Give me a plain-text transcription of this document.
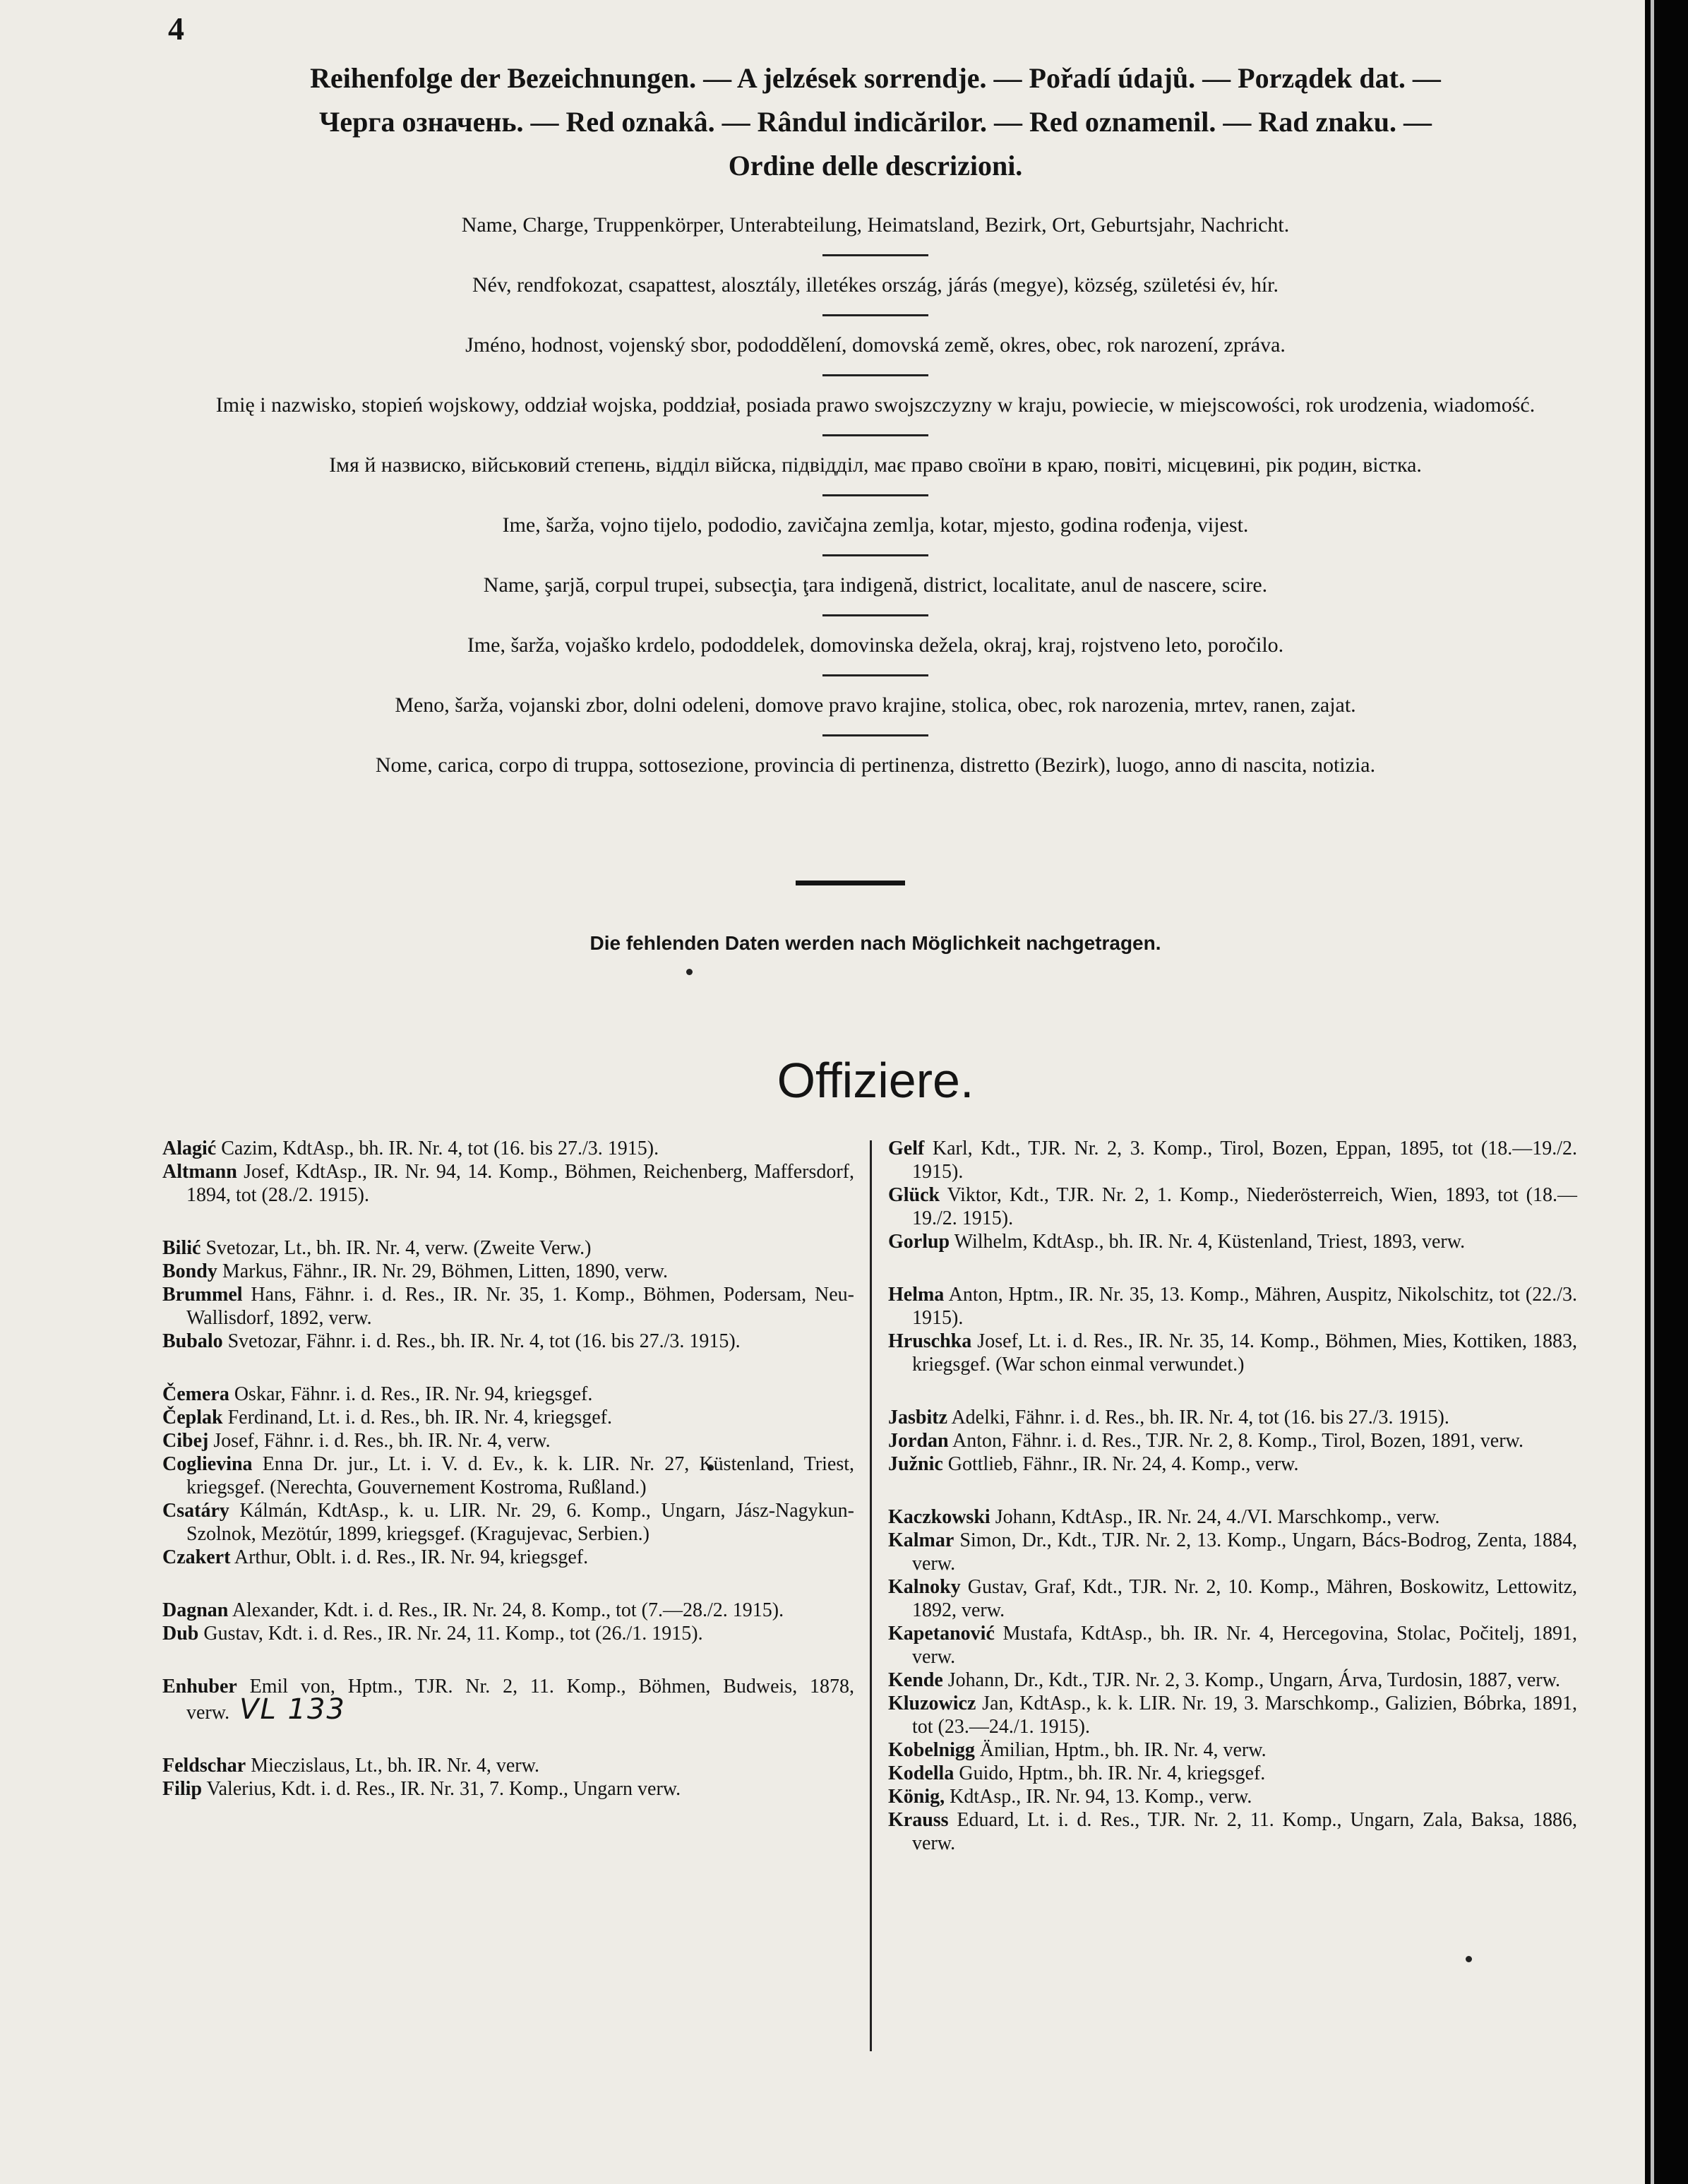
4
Reihenfolge der Bezeichnungen. — A jelzések sorrendje. — Pořadí údajů. — Porządek dat. —
Черга означень. — Red oznakâ. — Rândul indicărilor. — Red oznamenil. — Rad znaku. —
Ordine delle descrizioni.
Name, Charge, Truppenkörper, Unterabteilung, Heimatsland, Bezirk, Ort, Geburtsjahr, Nachricht.
Név, rendfokozat, csapattest, alosztály, illetékes ország, járás (megye), község, születési év, hír.
Jméno, hodnost, vojenský sbor, pododdělení, domovská země, okres, obec, rok narození, zpráva.
Imię i nazwisko, stopień wojskowy, oddział wojska, poddział, posiada prawo swojszczyzny w kraju, powiecie, w miejscowości, rok urodzenia, wiadomość.
Імя й назвиско, військовий степень, відділ війска, підвідділ, має право своїни в краю, повіті, місцевині, рік родин, вістка.
Ime, šarža, vojno tijelo, pododio, zavičajna zemlja, kotar, mjesto, godina rođenja, vijest.
Name, şarjă, corpul trupei, subsecţia, ţara indigenă, district, localitate, anul de nascere, scire.
Ime, šarža, vojaško krdelo, pododdelek, domovinska dežela, okraj, kraj, rojstveno leto, poročilo.
Meno, šarža, vojanski zbor, dolni odeleni, domove pravo krajine, stolica, obec, rok narozenia, mrtev, ranen, zajat.
Nome, carica, corpo di truppa, sottosezione, provincia di pertinenza, distretto (Bezirk), luogo, anno di nascita, notizia.
Die fehlenden Daten werden nach Möglichkeit nachgetragen.
Offiziere.
Alagić Cazim, KdtAsp., bh. IR. Nr. 4, tot (16. bis 27./3. 1915).
Altmann Josef, KdtAsp., IR. Nr. 94, 14. Komp., Böhmen, Reichenberg, Maffersdorf, 1894, tot (28./2. 1915).
Bilić Svetozar, Lt., bh. IR. Nr. 4, verw. (Zweite Verw.)
Bondy Markus, Fähnr., IR. Nr. 29, Böhmen, Litten, 1890, verw.
Brummel Hans, Fähnr. i. d. Res., IR. Nr. 35, 1. Komp., Böhmen, Podersam, Neu-Wallisdorf, 1892, verw.
Bubalo Svetozar, Fähnr. i. d. Res., bh. IR. Nr. 4, tot (16. bis 27./3. 1915).
Čemera Oskar, Fähnr. i. d. Res., IR. Nr. 94, kriegsgef.
Čeplak Ferdinand, Lt. i. d. Res., bh. IR. Nr. 4, kriegsgef.
Cibej Josef, Fähnr. i. d. Res., bh. IR. Nr. 4, verw.
Coglievina Enna Dr. jur., Lt. i. V. d. Ev., k. k. LIR. Nr. 27, Küstenland, Triest, kriegsgef. (Nerechta, Gouvernement Kostroma, Rußland.)
Csatáry Kálmán, KdtAsp., k. u. LIR. Nr. 29, 6. Komp., Ungarn, Jász-Nagykun-Szolnok, Mezötúr, 1899, kriegsgef. (Kragujevac, Serbien.)
Czakert Arthur, Oblt. i. d. Res., IR. Nr. 94, kriegsgef.
Dagnan Alexander, Kdt. i. d. Res., IR. Nr. 24, 8. Komp., tot (7.—28./2. 1915).
Dub Gustav, Kdt. i. d. Res., IR. Nr. 24, 11. Komp., tot (26./1. 1915).
Enhuber Emil von, Hptm., TJR. Nr. 2, 11. Komp., Böhmen, Budweis, 1878, verw. VL 133
Feldschar Mieczislaus, Lt., bh. IR. Nr. 4, verw.
Filip Valerius, Kdt. i. d. Res., IR. Nr. 31, 7. Komp., Ungarn verw.
Gelf Karl, Kdt., TJR. Nr. 2, 3. Komp., Tirol, Bozen, Eppan, 1895, tot (18.—19./2. 1915).
Glück Viktor, Kdt., TJR. Nr. 2, 1. Komp., Niederösterreich, Wien, 1893, tot (18.—19./2. 1915).
Gorlup Wilhelm, KdtAsp., bh. IR. Nr. 4, Küstenland, Triest, 1893, verw.
Helma Anton, Hptm., IR. Nr. 35, 13. Komp., Mähren, Auspitz, Nikolschitz, tot (22./3. 1915).
Hruschka Josef, Lt. i. d. Res., IR. Nr. 35, 14. Komp., Böhmen, Mies, Kottiken, 1883, kriegsgef. (War schon einmal verwundet.)
Jasbitz Adelki, Fähnr. i. d. Res., bh. IR. Nr. 4, tot (16. bis 27./3. 1915).
Jordan Anton, Fähnr. i. d. Res., TJR. Nr. 2, 8. Komp., Tirol, Bozen, 1891, verw.
Južnic Gottlieb, Fähnr., IR. Nr. 24, 4. Komp., verw.
Kaczkowski Johann, KdtAsp., IR. Nr. 24, 4./VI. Marschkomp., verw.
Kalmar Simon, Dr., Kdt., TJR. Nr. 2, 13. Komp., Ungarn, Bács-Bodrog, Zenta, 1884, verw.
Kalnoky Gustav, Graf, Kdt., TJR. Nr. 2, 10. Komp., Mähren, Boskowitz, Lettowitz, 1892, verw.
Kapetanović Mustafa, KdtAsp., bh. IR. Nr. 4, Hercegovina, Stolac, Počitelj, 1891, verw.
Kende Johann, Dr., Kdt., TJR. Nr. 2, 3. Komp., Ungarn, Árva, Turdosin, 1887, verw.
Kluzowicz Jan, KdtAsp., k. k. LIR. Nr. 19, 3. Marschkomp., Galizien, Bóbrka, 1891, tot (23.—24./1. 1915).
Kobelnigg Ämilian, Hptm., bh. IR. Nr. 4, verw.
Kodella Guido, Hptm., bh. IR. Nr. 4, kriegsgef.
König, KdtAsp., IR. Nr. 94, 13. Komp., verw.
Krauss Eduard, Lt. i. d. Res., TJR. Nr. 2, 11. Komp., Ungarn, Zala, Baksa, 1886, verw.
